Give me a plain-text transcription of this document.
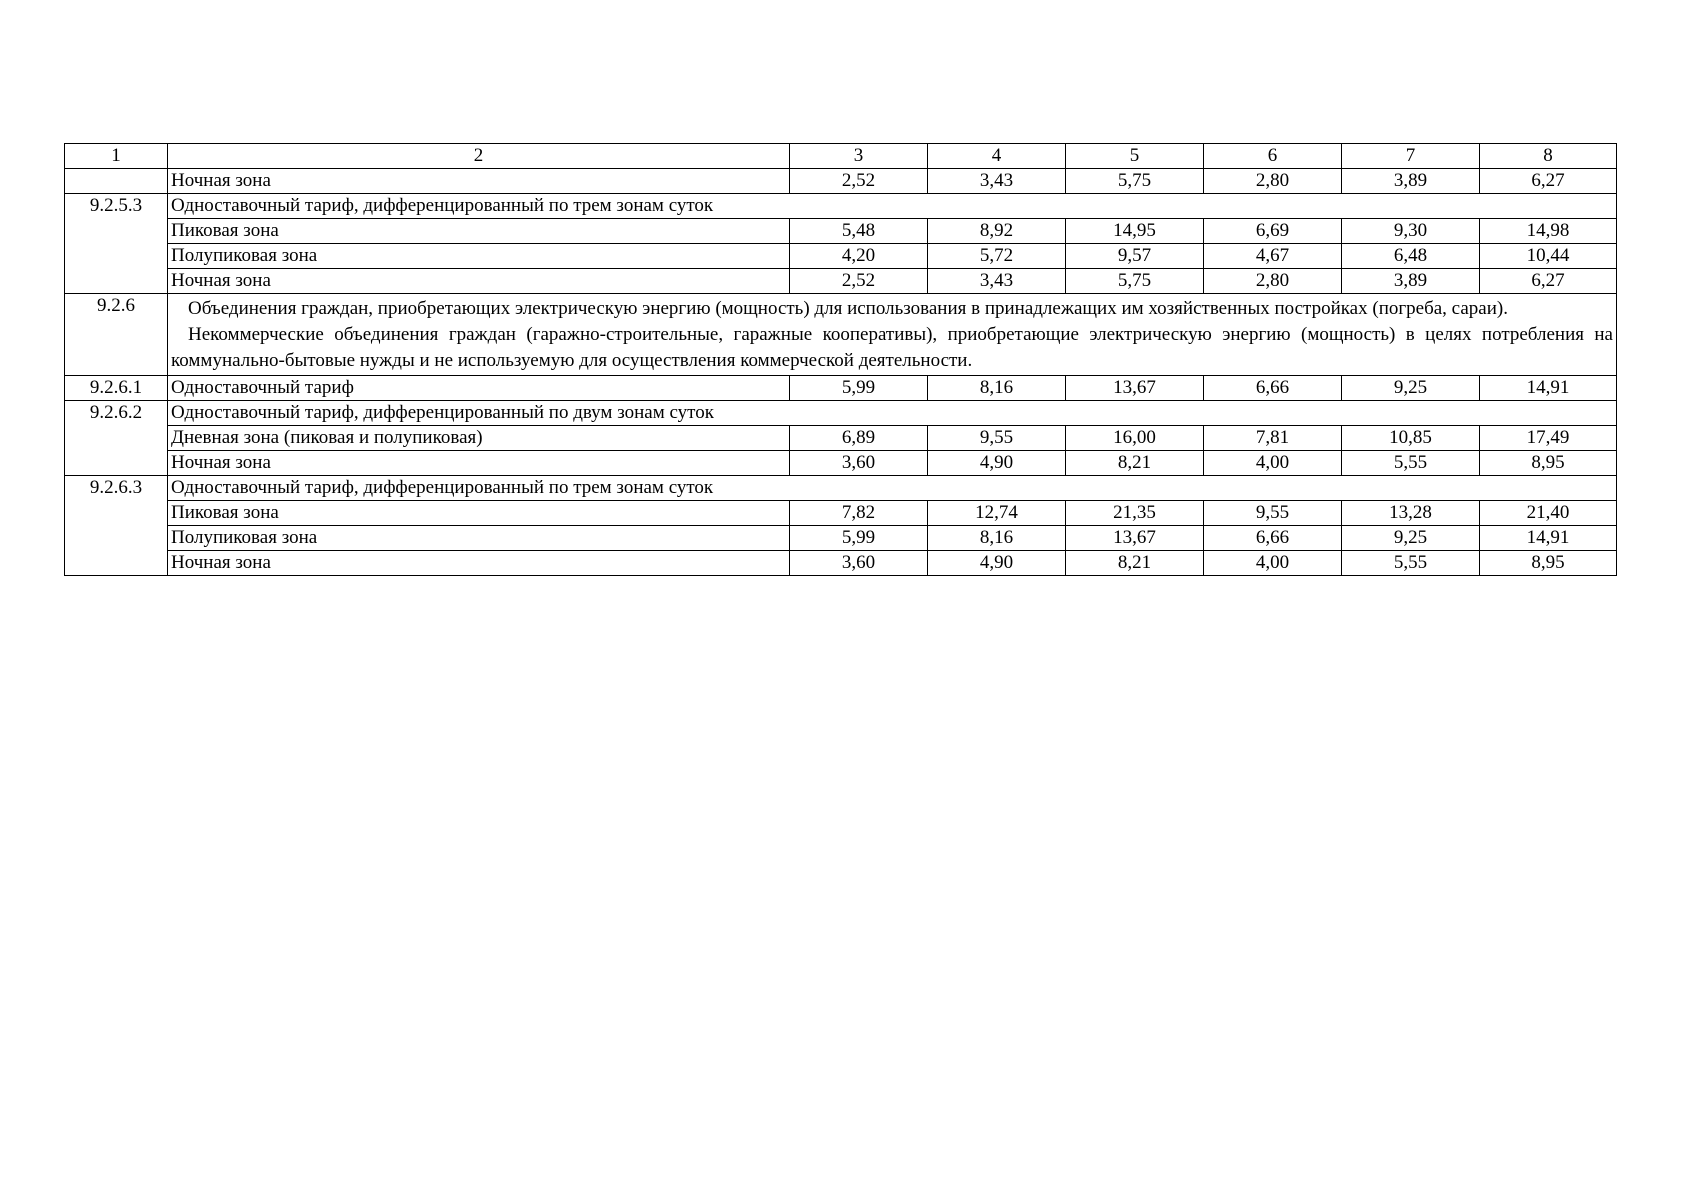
1	2	3	4	5	6	7	8
	Ночная зона	2,52	3,43	5,75	2,80	3,89	6,27
9.2.5.3	Одноставочный тариф, дифференцированный по трем зонам суток						
	Пиковая зона	5,48	8,92	14,95	6,69	9,30	14,98
	Полупиковая зона	4,20	5,72	9,57	4,67	6,48	10,44
	Ночная зона	2,52	3,43	5,75	2,80	3,89	6,27
9.2.6	Объединения граждан, приобретающих электрическую энергию (мощность) для использования в принадлежащих им хозяйственных постройках (погреба, сараи).

Некоммерческие объединения граждан (гаражно-строительные, гаражные кооперативы), приобретающие электрическую энергию (мощность) в целях потребления на коммунально-бытовые нужды и не используемую для осуществления коммерческой деятельности.						

9.2.6.1	Одноставочный тариф	5,99	8,16	13,67	6,66	9,25	14,91
9.2.6.2	Одноставочный тариф, дифференцированный по двум зонам суток						
	Дневная зона (пиковая и полупиковая)	6,89	9,55	16,00	7,81	10,85	17,49
	Ночная зона	3,60	4,90	8,21	4,00	5,55	8,95
9.2.6.3	Одноставочный тариф, дифференцированный по трем зонам суток						
	Пиковая зона	7,82	12,74	21,35	9,55	13,28	21,40
	Полупиковая зона	5,99	8,16	13,67	6,66	9,25	14,91
	Ночная зона	3,60	4,90	8,21	4,00	5,55	8,95
